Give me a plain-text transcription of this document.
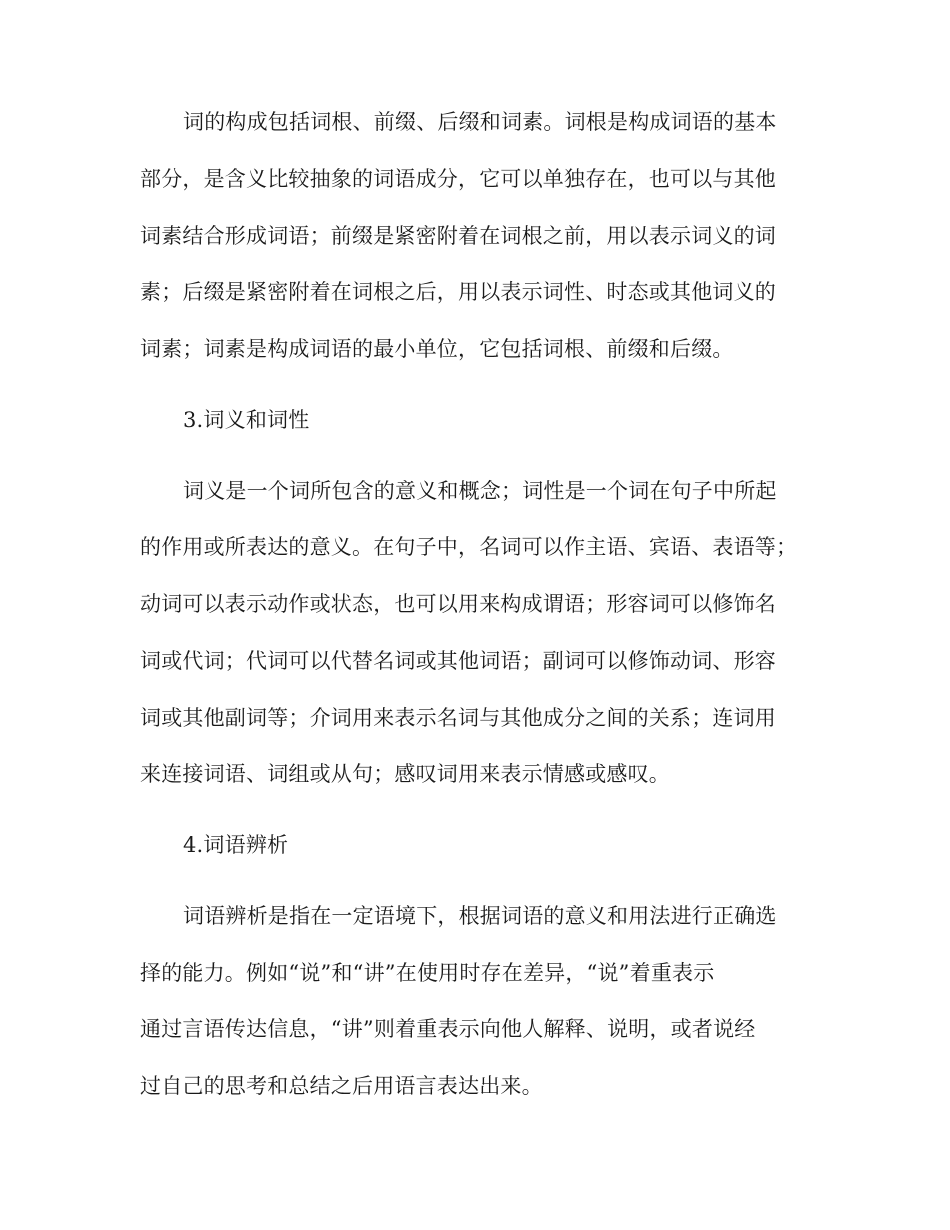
词的构成包括词根、前缀、后缀和词素。词根是构成词语的基本
部分，是含义比较抽象的词语成分，它可以单独存在，也可以与其他
词素结合形成词语；前缀是紧密附着在词根之前，用以表示词义的词
素；后缀是紧密附着在词根之后，用以表示词性、时态或其他词义的
词素；词素是构成词语的最小单位，它包括词根、前缀和后缀。
3.词义和词性
词义是一个词所包含的意义和概念；词性是一个词在句子中所起
的作用或所表达的意义。在句子中，名词可以作主语、宾语、表语等；
动词可以表示动作或状态，也可以用来构成谓语；形容词可以修饰名
词或代词；代词可以代替名词或其他词语；副词可以修饰动词、形容
词或其他副词等；介词用来表示名词与其他成分之间的关系；连词用
来连接词语、词组或从句；感叹词用来表示情感或感叹。
4.词语辨析
词语辨析是指在一定语境下，根据词语的意义和用法进行正确选
择的能力。例如“说”和“讲”在使用时存在差异，“说”着重表示
通过言语传达信息，“讲”则着重表示向他人解释、说明，或者说经
过自己的思考和总结之后用语言表达出来。
